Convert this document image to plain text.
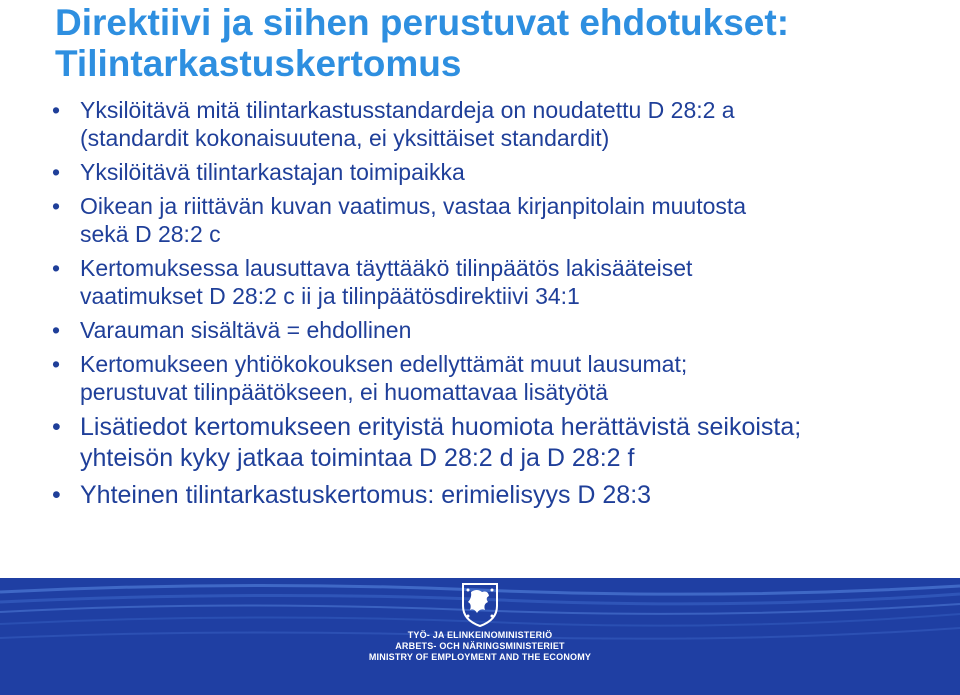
Direktiivi ja siihen perustuvat ehdotukset:
Tilintarkastuskertomus
• Yksilöitävä mitä tilintarkastusstandardeja on noudatettu D 28:2 a
(standardit kokonaisuutena, ei yksittäiset standardit)
• Yksilöitävä tilintarkastajan toimipaikka
• Oikean ja riittävän kuvan vaatimus, vastaa kirjanpitolain muutosta
sekä D 28:2 c
• Kertomuksessa lausuttava täyttääkö tilinpäätös lakisääteiset
vaatimukset D 28:2 c ii ja tilinpäätösdirektiivi 34:1
• Varauman sisältävä = ehdollinen
• Kertomukseen yhtiökokouksen edellyttämät muut lausumat;
perustuvat tilinpäätökseen, ei huomattavaa lisätyötä
• Lisätiedot kertomukseen erityistä huomiota herättävistä seikoista;
yhteisön kyky jatkaa toimintaa D 28:2 d ja D 28:2 f
• Yhteinen tilintarkastuskertomus: erimielisyys D 28:3
TYÖ- JA ELINKEINOMINISTERIÖ
ARBETS- OCH NÄRINGSMINISTERIET
MINISTRY OF EMPLOYMENT AND THE ECONOMY
